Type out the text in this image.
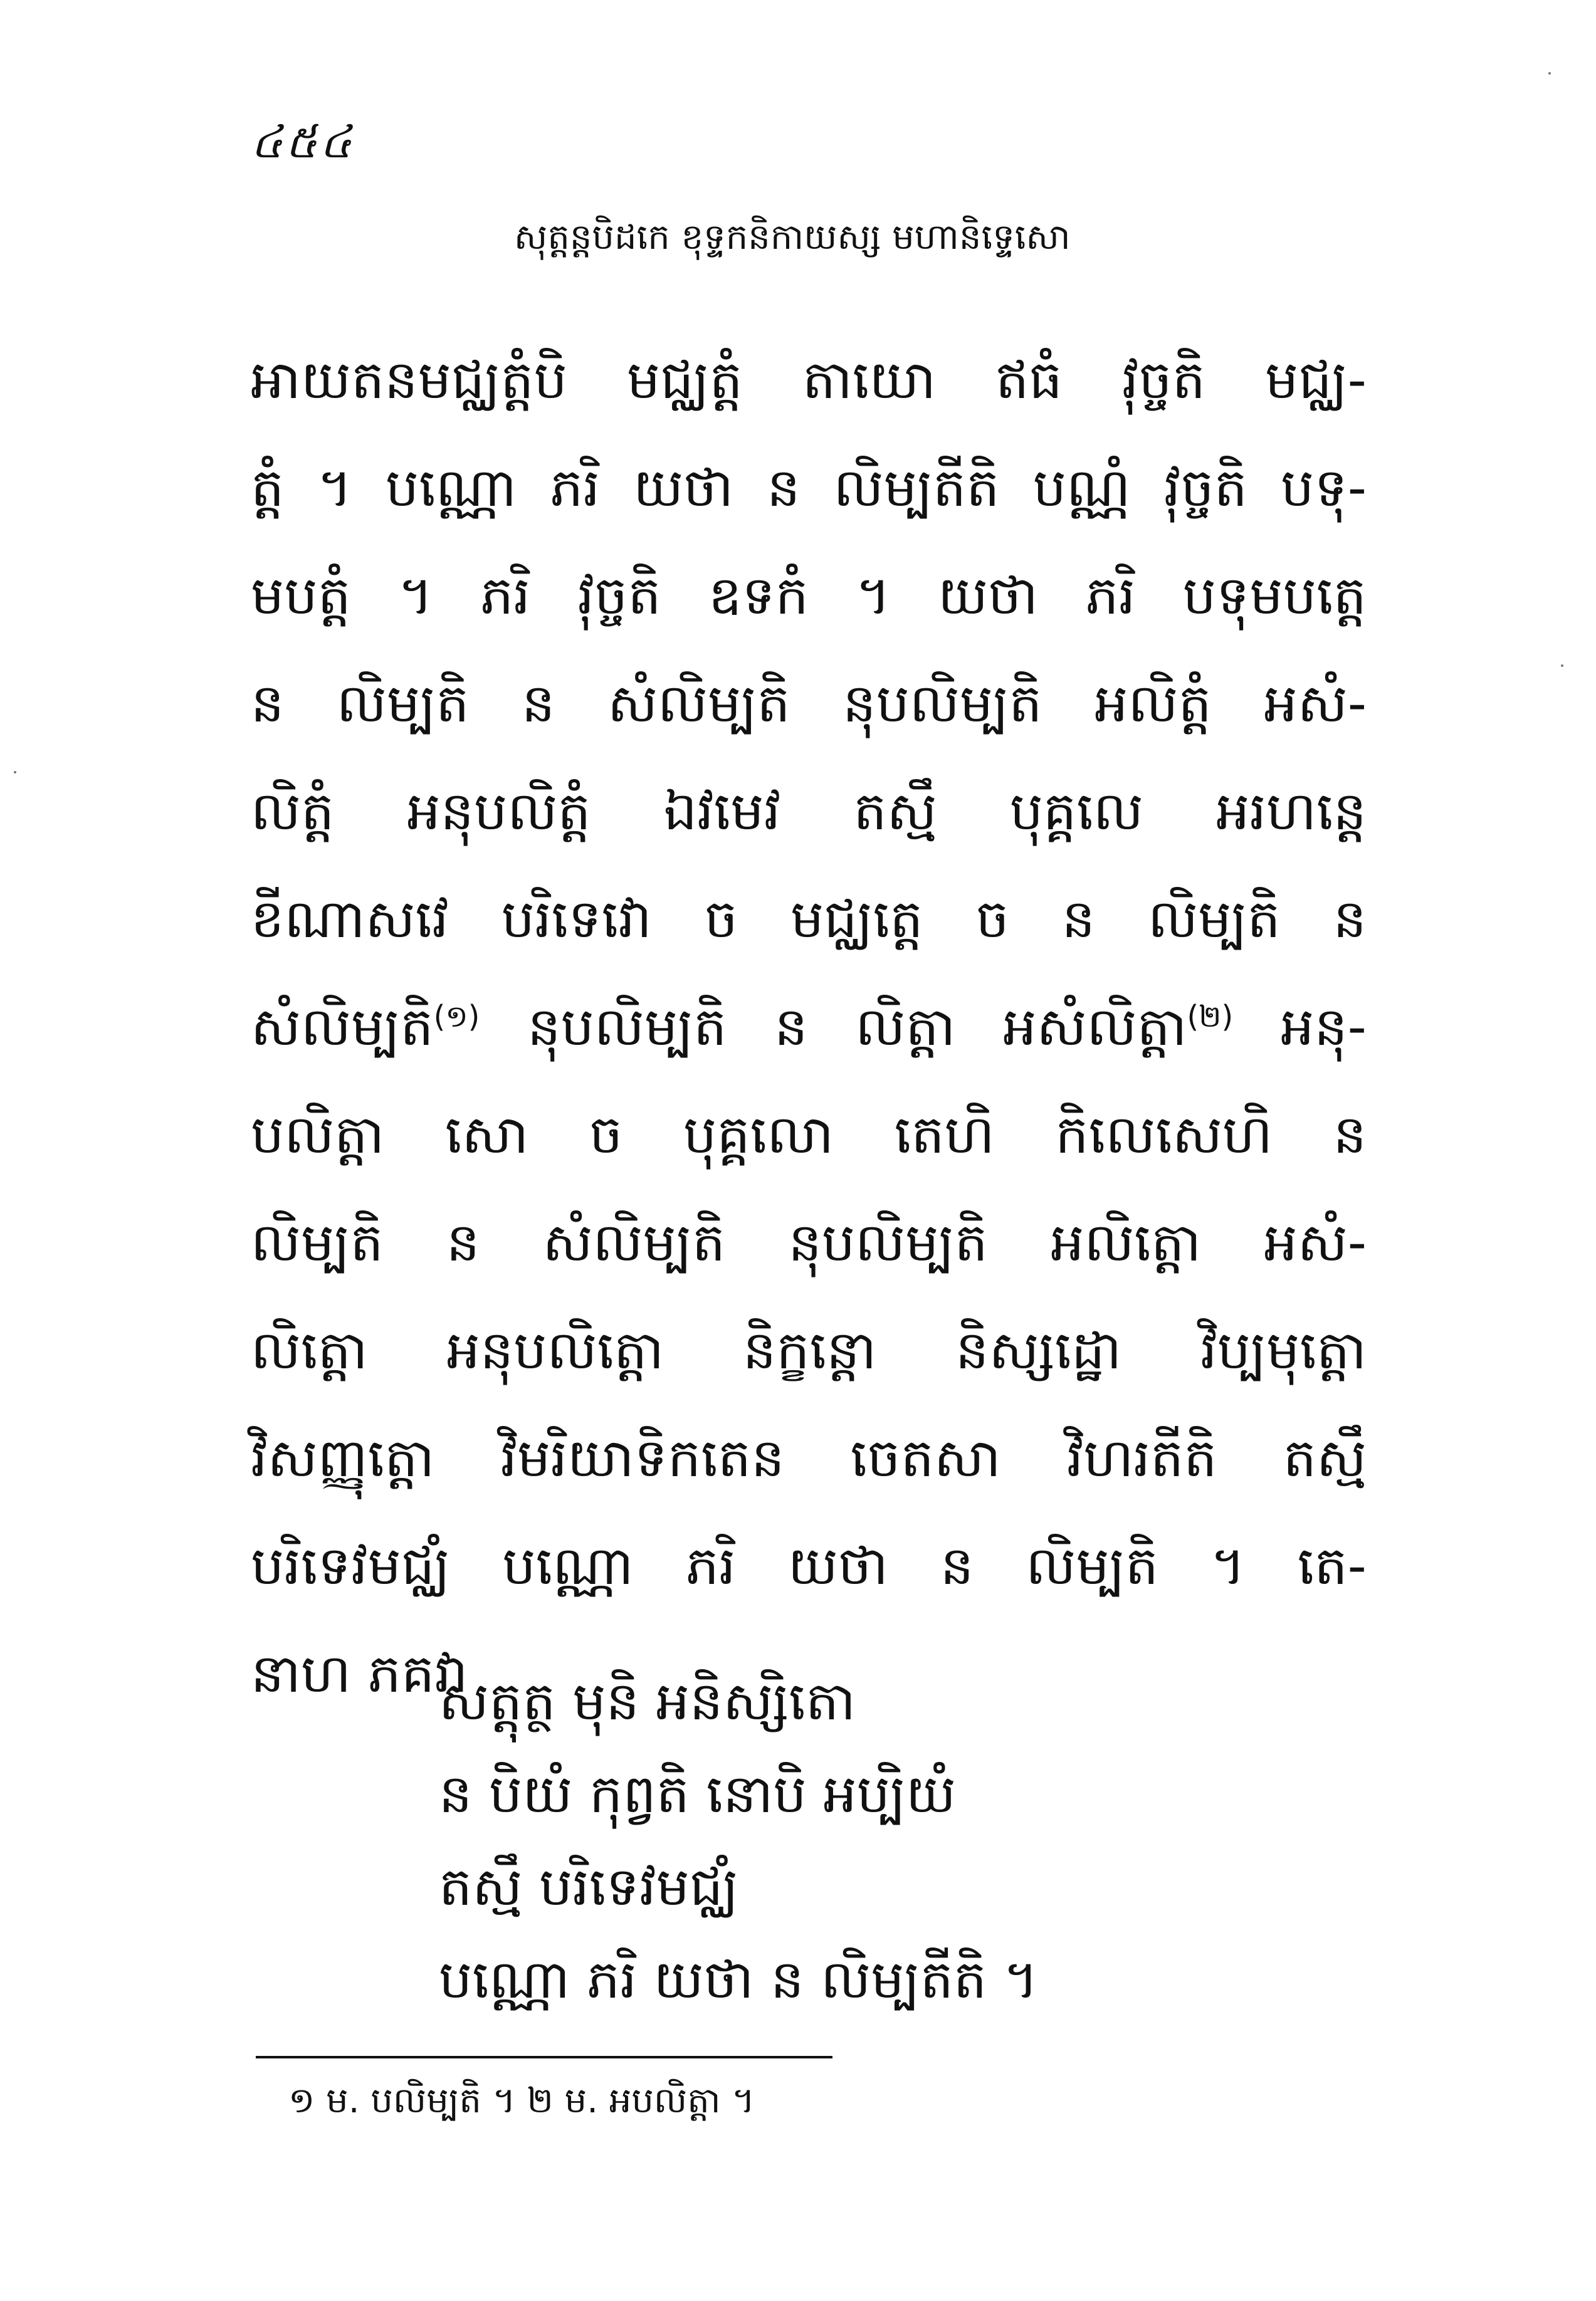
៤៥៤
សុត្តន្តបិដកេ ខុទ្ទកនិកាយស្ស មហានិទ្ទេសោ
អាយតនមជ្ឈត្តំបិ មជ្ឈត្តំ តាយោ ឥធំ វុច្ចតិ មជ្ឈ-
ត្តំ ។ បណ្ណោ ភរិ យថា ន លិម្បតីតិ បណ្ណំ វុច្ចតិ បទុ-
មបត្តំ ។ ភរិ វុច្ចតិ ឧទកំ ។ យថា ភរិ បទុមបត្តេ
ន លិម្បតិ ន សំលិម្បតិ នុបលិម្បតិ អលិត្តំ អសំ-
លិត្តំ អនុបលិត្តំ ឯវមេវ តស្មឹ បុគ្គលេ អរហន្តេ
ខីណាសវេ បរិទេវោ ច មជ្ឈត្តេ ច ន លិម្បតិ ន
សំលិម្បតិ$^{(១)}$ នុបលិម្បតិ ន លិត្តា អសំលិត្តា$^{(២)}$ អនុ-
បលិត្តា សោ ច បុគ្គលោ តេហិ កិលេសេហិ ន
លិម្បតិ ន សំលិម្បតិ នុបលិម្បតិ អលិត្តោ អសំ-
លិត្តោ អនុបលិត្តោ និក្ខន្តោ និស្សដ្ឋោ វិប្បមុត្តោ
វិសញ្ញុត្តោ វិមរិយាទិកតេន ចេតសា វិហរតីតិ តស្មឹ
បរិទេវមជ្ឈំ បណ្ណោ ភរិ យថា ន លិម្បតិ ។ តេ-
នាហ ភគវា
សត្តុត្ថ មុនិ អនិស្សិតោ
ន បិយំ កុព្វតិ នោបិ អប្បិយំ
តស្មឹ បរិទេវមជ្ឈំ
បណ្ណោ ភរិ យថា ន លិម្បតីតិ ។
១ ម. បលិម្បតិ ។ ២ ម. អបលិត្តា ។
